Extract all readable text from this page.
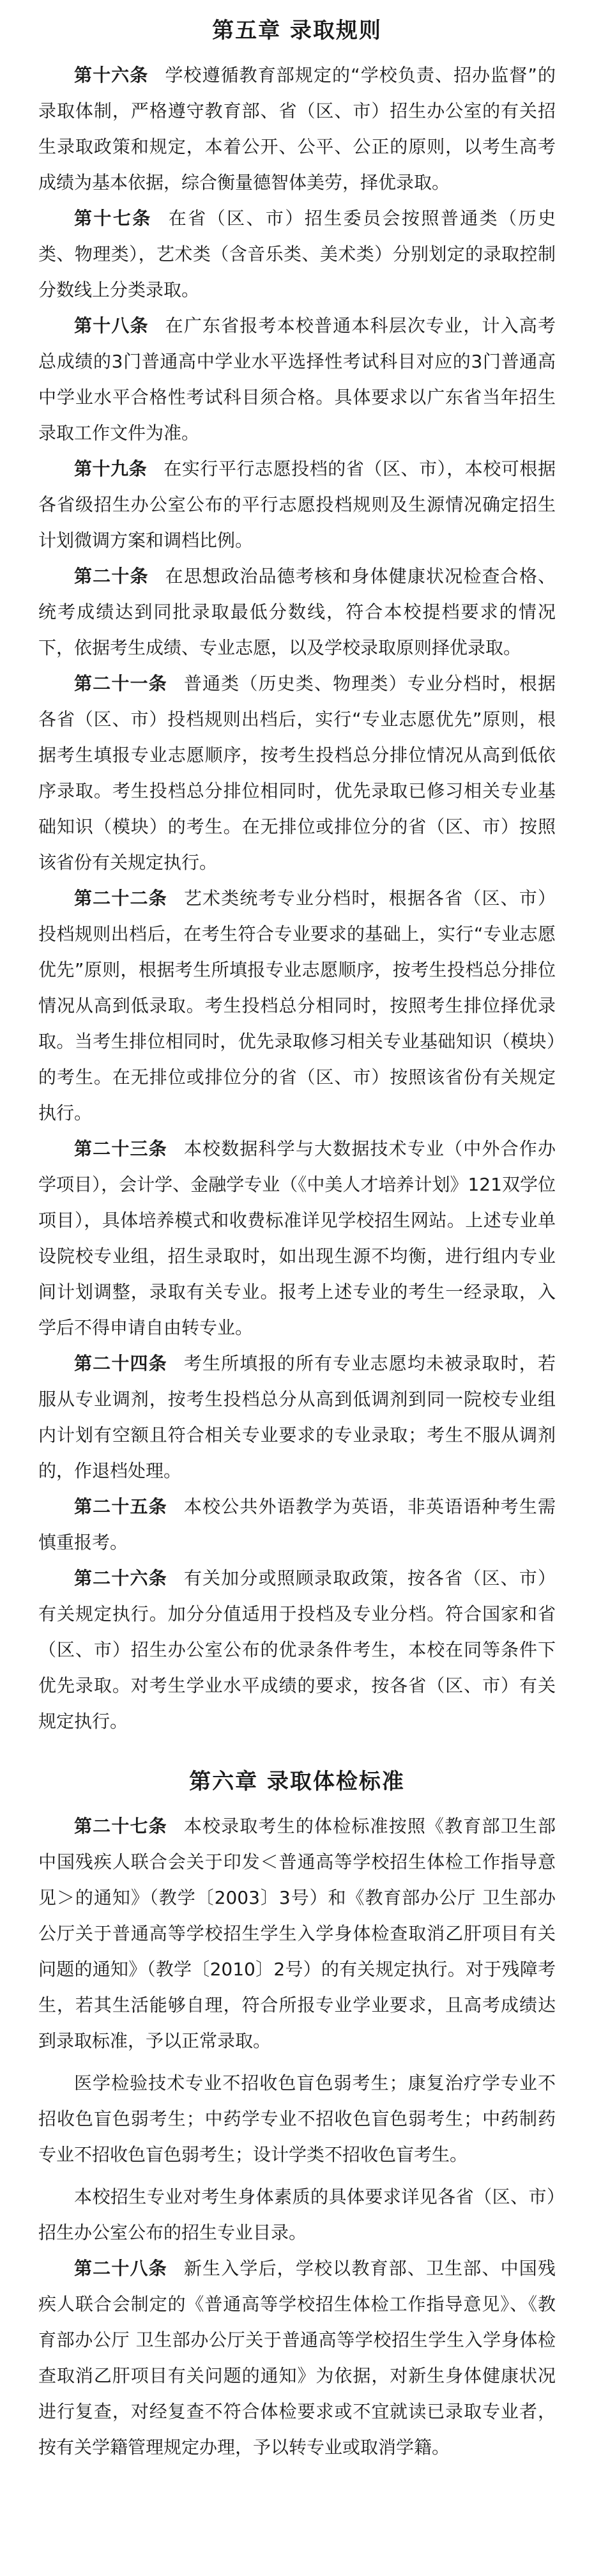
第五章 录取规则

第十六条 学校遵循教育部规定的“学校负责、招办监督”的录取体制，严格遵守教育部、省（区、市）招生办公室的有关招生录取政策和规定，本着公开、公平、公正的原则，以考生高考成绩为基本依据，综合衡量德智体美劳，择优录取。

第十七条 在省（区、市）招生委员会按照普通类（历史类、物理类），艺术类（含音乐类、美术类）分别划定的录取控制分数线上分类录取。

第十八条 在广东省报考本校普通本科层次专业，计入高考总成绩的3门普通高中学业水平选择性考试科目对应的3门普通高中学业水平合格性考试科目须合格。具体要求以广东省当年招生录取工作文件为准。

第十九条 在实行平行志愿投档的省（区、市），本校可根据各省级招生办公室公布的平行志愿投档规则及生源情况确定招生计划微调方案和调档比例。

第二十条 在思想政治品德考核和身体健康状况检查合格、统考成绩达到同批录取最低分数线，符合本校提档要求的情况下，依据考生成绩、专业志愿，以及学校录取原则择优录取。

第二十一条 普通类（历史类、物理类）专业分档时，根据各省（区、市）投档规则出档后，实行“专业志愿优先”原则，根据考生填报专业志愿顺序，按考生投档总分排位情况从高到低依序录取。考生投档总分排位相同时，优先录取已修习相关专业基础知识（模块）的考生。在无排位或排位分的省（区、市）按照该省份有关规定执行。

第二十二条 艺术类统考专业分档时，根据各省（区、市）投档规则出档后，在考生符合专业要求的基础上，实行“专业志愿优先”原则，根据考生所填报专业志愿顺序，按考生投档总分排位情况从高到低录取。考生投档总分相同时，按照考生排位择优录取。当考生排位相同时，优先录取修习相关专业基础知识（模块）的考生。在无排位或排位分的省（区、市）按照该省份有关规定执行。

第二十三条 本校数据科学与大数据技术专业（中外合作办学项目），会计学、金融学专业（《中美人才培养计划》121双学位项目），具体培养模式和收费标准详见学校招生网站。上述专业单设院校专业组，招生录取时，如出现生源不均衡，进行组内专业间计划调整，录取有关专业。报考上述专业的考生一经录取，入学后不得申请自由转专业。

第二十四条 考生所填报的所有专业志愿均未被录取时，若服从专业调剂，按考生投档总分从高到低调剂到同一院校专业组内计划有空额且符合相关专业要求的专业录取；考生不服从调剂的，作退档处理。

第二十五条 本校公共外语教学为英语，非英语语种考生需慎重报考。

第二十六条 有关加分或照顾录取政策，按各省（区、市）有关规定执行。加分分值适用于投档及专业分档。符合国家和省（区、市）招生办公室公布的优录条件考生，本校在同等条件下优先录取。对考生学业水平成绩的要求，按各省（区、市）有关规定执行。

第六章 录取体检标准

第二十七条 本校录取考生的体检标准按照《教育部卫生部 中国残疾人联合会关于印发＜普通高等学校招生体检工作指导意见＞的通知》（教学〔2003〕3号）和《教育部办公厅 卫生部办公厅关于普通高等学校招生学生入学身体检查取消乙肝项目有关问题的通知》（教学〔2010〕2号）的有关规定执行。对于残障考生，若其生活能够自理，符合所报专业学业要求，且高考成绩达到录取标准，予以正常录取。

医学检验技术专业不招收色盲色弱考生；康复治疗学专业不招收色盲色弱考生；中药学专业不招收色盲色弱考生；中药制药专业不招收色盲色弱考生；设计学类不招收色盲考生。

本校招生专业对考生身体素质的具体要求详见各省（区、市）招生办公室公布的招生专业目录。

第二十八条 新生入学后，学校以教育部、卫生部、中国残疾人联合会制定的《普通高等学校招生体检工作指导意见》、《教育部办公厅 卫生部办公厅关于普通高等学校招生学生入学身体检查取消乙肝项目有关问题的通知》为依据，对新生身体健康状况进行复查，对经复查不符合体检要求或不宜就读已录取专业者，按有关学籍管理规定办理，予以转专业或取消学籍。
